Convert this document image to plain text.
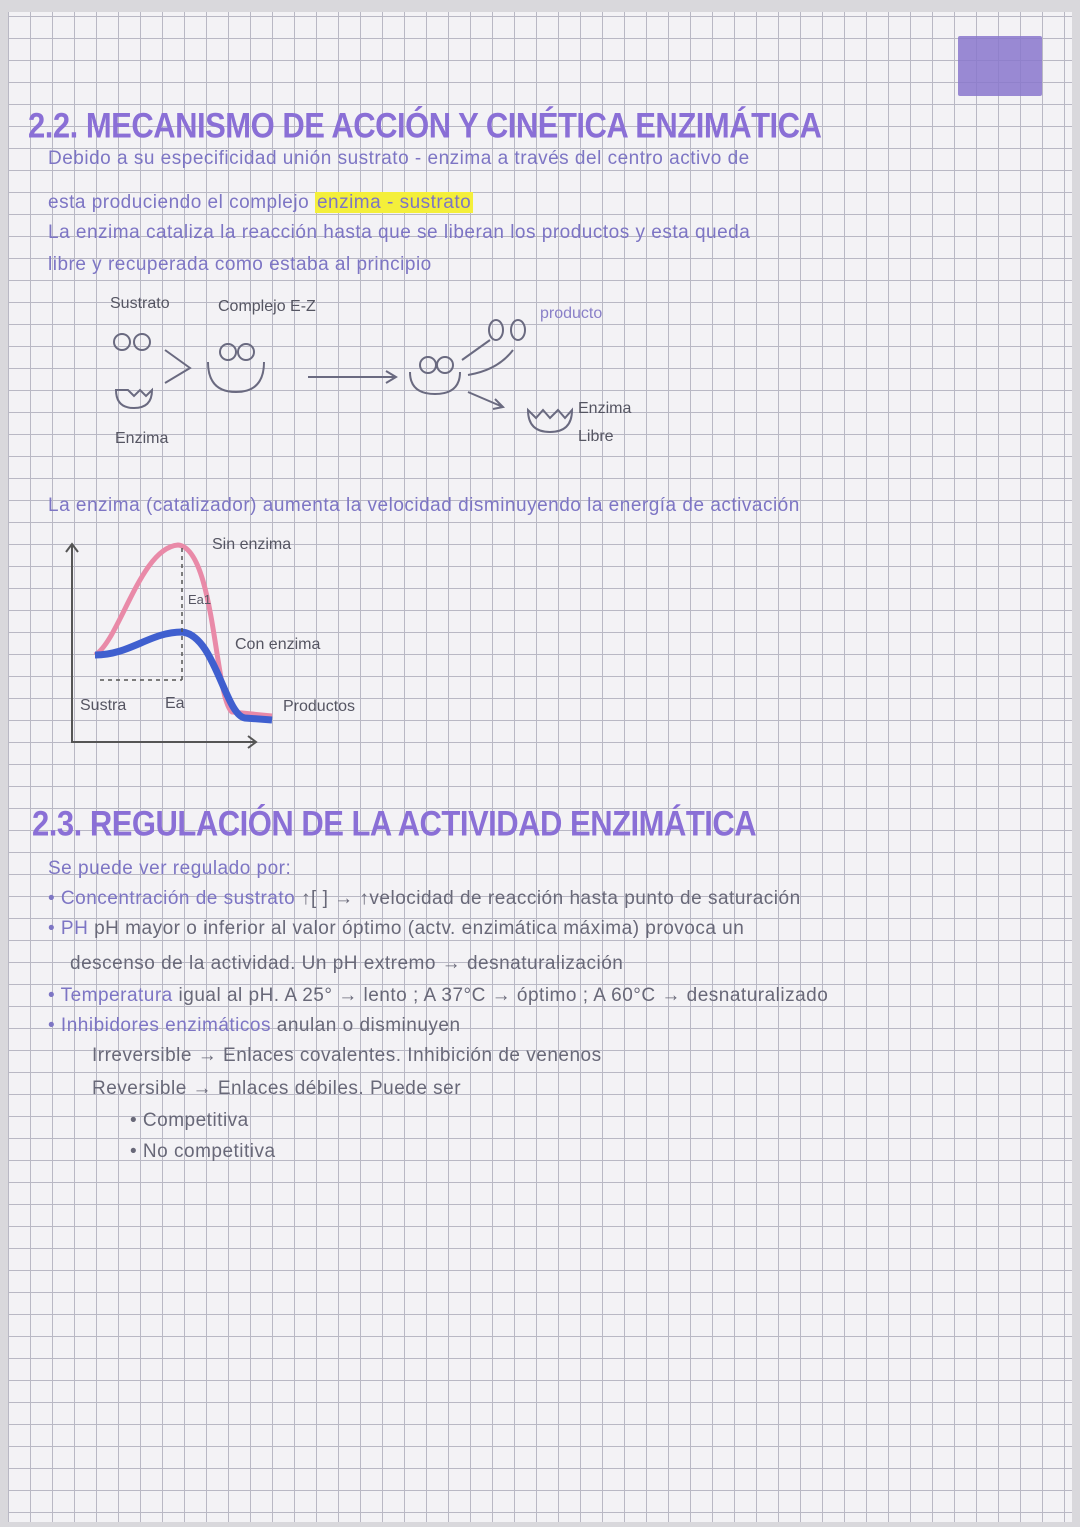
2.2. MECANISMO DE ACCIÓN Y CINÉTICA ENZIMÁTICA
Debido a su especificidad unión sustrato - enzima a través del centro activo de
esta produciendo el complejo enzima - sustrato
La enzima cataliza la reacción hasta que se liberan los productos y esta queda
libre y recuperada como estaba al principio
Sustrato	Complejo E-Z	producto
Enzima
Enzima
Libre
La enzima (catalizador) aumenta la velocidad disminuyendo la energía de activación
Sin enzima
Ea1
Con enzima
Sustra Ea	Productos
2.3. REGULACIÓN DE LA ACTIVIDAD ENZIMÁTICA
Se puede ver regulado por:
• Concentración de sustrato ↑[ ] → ↑velocidad de reacción hasta punto de saturación
• PH pH mayor o inferior al valor óptimo (actv. enzimática máxima) provoca un
descenso de la actividad. Un pH extremo → desnaturalización
• Temperatura igual al pH. A 25° → lento ; A 37°C → óptimo ; A 60°C → desnaturalizado
• Inhibidores enzimáticos anulan o disminuyen
Irreversible → Enlaces covalentes. Inhibición de venenos
Reversible → Enlaces débiles. Puede ser
• Competitiva
• No competitiva
